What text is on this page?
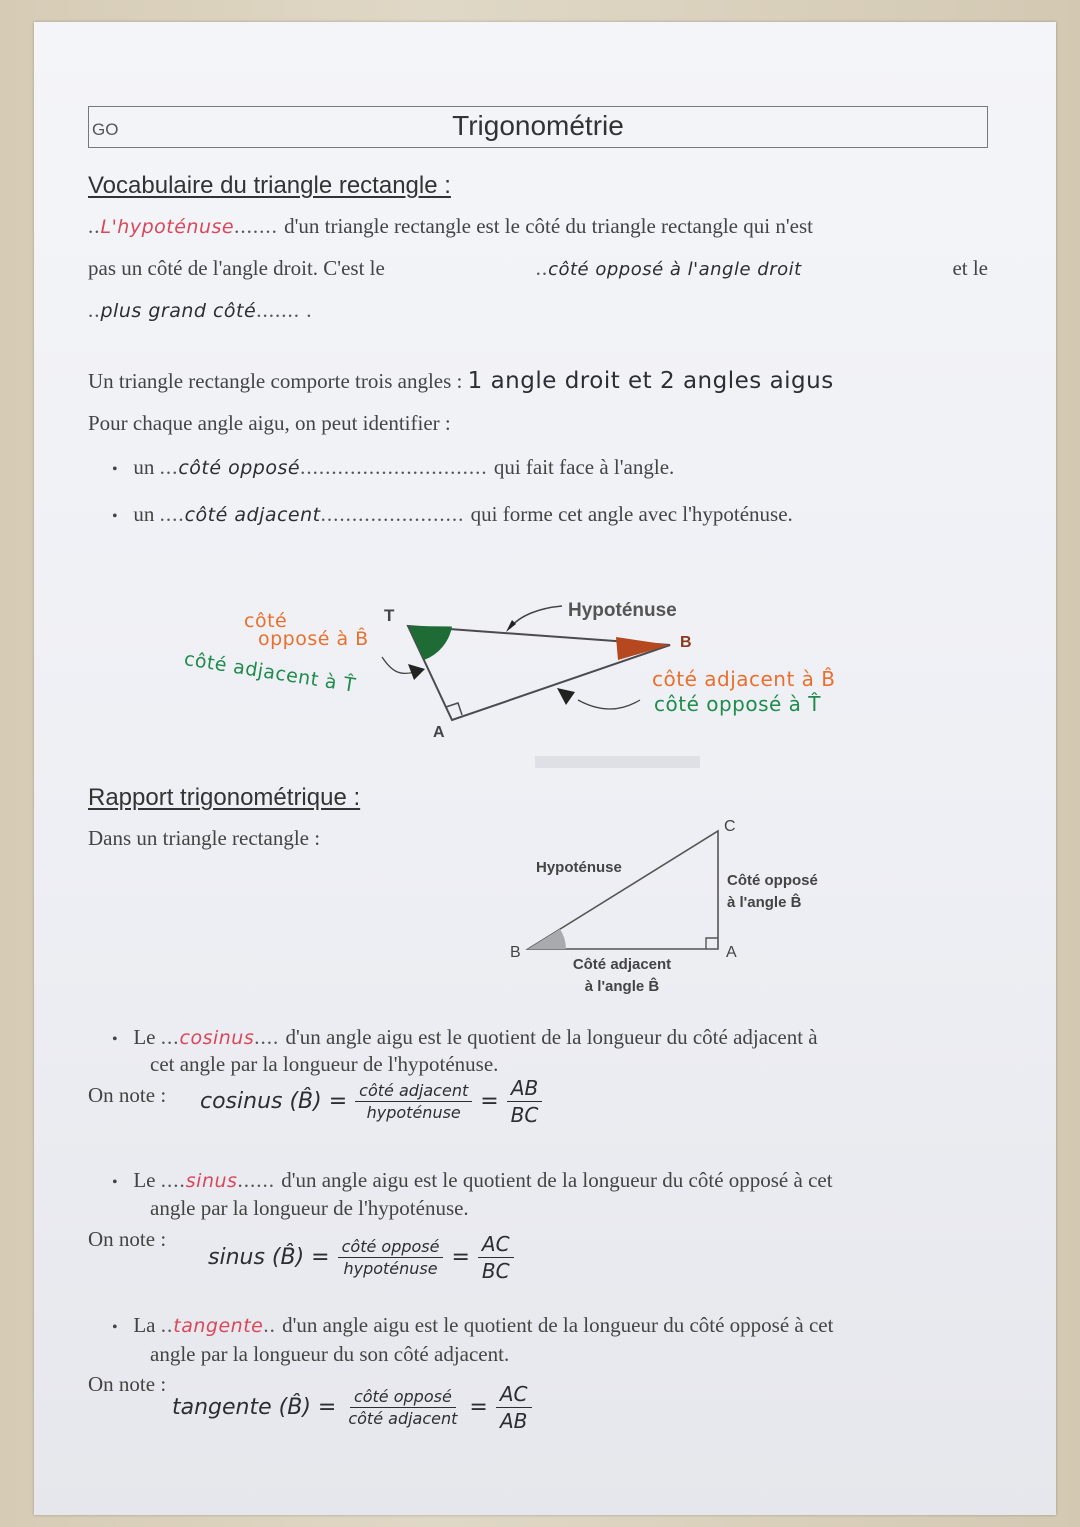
GO	Trigonométrie
Vocabulaire du triangle rectangle :
..L'hypoténuse....... d'un triangle rectangle est le côté du triangle rectangle qui n'est
pas un côté de l'angle droit. C'est le	..côté opposé à l'angle droit	et le
..plus grand côté....... .
Un triangle rectangle comporte trois angles : 1 angle droit et 2 angles aigus
Pour chaque angle aigu, on peut identifier :
• un ...côté opposé.............................. qui fait face à l'angle.
• un ....côté adjacent....................... qui forme cet angle avec l'hypoténuse.
T
B
A
Hypoténuse
côté
opposé à B̂
côté adjacent à T̂	côté adjacent à B̂
côté opposé à T̂
Rapport trigonométrique :
Dans un triangle rectangle :	C
B	A
Hypoténuse
Côté opposé
à l'angle B̂
Côté adjacent
à l'angle B̂
• Le ...cosinus.... d'un angle aigu est le quotient de la longueur du côté adjacent à
cet angle par la longueur de l'hypoténuse.
On note : cosinus (B̂) = $\frac{\text{côté adjacent}}{\text{hypoténuse}} = \frac{AB}{BC}$
• Le ....sinus...... d'un angle aigu est le quotient de la longueur du côté opposé à cet
angle par la longueur de l'hypoténuse.
On note :
sinus (B̂) = $\frac{\text{côté opposé}}{\text{hypoténuse}} = \frac{AC}{BC}$
• La ..tangente.. d'un angle aigu est le quotient de la longueur du côté opposé à cet
angle par la longueur du son côté adjacent.
On note :
tangente (B̂) = $\frac{\text{côté opposé}}{\text{côté adjacent}} = \frac{AC}{AB}$
